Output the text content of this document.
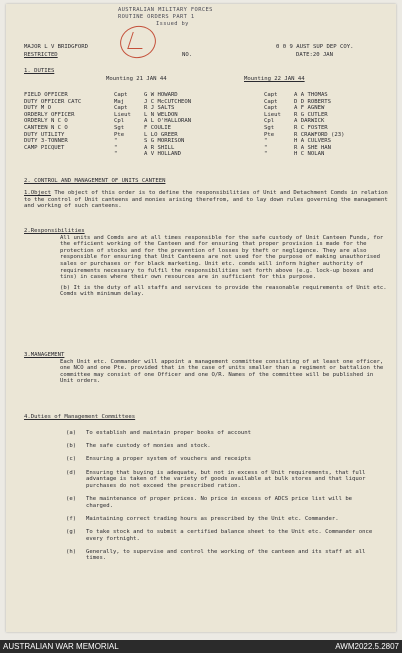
AUSTRALIAN MILITARY FORCES
ROUTINE ORDERS PART 1
Issued by
MAJOR L V BRIDGFORD
RESTRICTED	NO.
0 0 9 AUST SUP DEP COY.
DATE:20 JAN
1. DUTIES
Mounting 21 JAN 44	Mounting 22 JAN 44
FIELD OFFICER	Capt	G W HOWARD	Capt	A A THOMAS
DUTY OFFICER CATC	Maj	J C McCUTCHEON	Capt	D D ROBERTS
DUTY M O	Capt	R J SALTS	Capt	A F AGNEW
ORDERLY OFFICER	Lieut	L N WELDON	Lieut	R G CUTLER
ORDERLY N C O	Cpl	A L O'HALLORAN	Cpl	A DARWICK
CANTEEN N C O	Sgt	F COULIE	Sgt	R C FOSTER
DUTY UTILITY	Pte	L LO GREER	Pte	R CRAWFORD (23)
DUTY 3-TONNER	"	S G MORRISON	"	H A CULVERS
CAMP PICQUET	"	A R SHILL	"	R A SHE HAN
"	A V HOLLAND	"	H C NOLAN

2. CONTROL AND MANAGEMENT OF UNITS CANTEEN

1.Object The object of this order is to define the responsibilities of Unit and Detachment Comds in relation to the control of Unit canteens and monies arising therefrom, and to lay down rules governing the management and working of such canteens.

2.Responsibilities

All units and Comds are at all times responsible for the safe custody of Unit Canteen Funds, for the efficient working of the Canteen and for ensuring that proper provision is made for the protection of stocks and for the prevention of losses by theft or negligence. They are also responsible for ensuring that Unit Canteens are not used for the purpose of making unauthorised sales or purchases or for black marketing. Unit etc. comds will inform higher authority of requirements necessary to fulfil the responsibilities set forth above (e.g. lock-up boxes and tins) in cases where their own resources are in sufficient for this purpose.

(b) It is the duty of all staffs and services to provide the reasonable requirements of Unit etc. Comds with minimum delay.

3.MANAGEMENT

Each Unit etc. Commander will appoint a management committee consisting of at least one officer, one NCO and one Pte. provided that in the case of units smaller than a regiment or battalion the committee may consist of one Officer and one O/R. Names of the committee will be published in Unit orders.

4.Duties of Management Committees

(a)	To establish and maintain proper books of account
(b)	The safe custody of monies and stock.
(c)	Ensuring a proper system of vouchers and receipts
(d)	Ensuring that buying is adequate, but not in excess of Unit requirements, that full advantage is taken of the variety of goods available at bulk stores and that liquor purchases do not exceed the prescribed ration.
(e)	The maintenance of proper prices. No price in excess of ADCS price list will be charged.
(f)	Maintaining correct trading hours as prescribed by the Unit etc. Commander.
(g)	To take stock and to submit a certified balance sheet to the Unit etc. Commander once every fortnight.
(h)	Generally, to supervise and control the working of the canteen and its staff at all times.
AUSTRALIAN WAR MEMORIAL	AWM2022.5.2807
